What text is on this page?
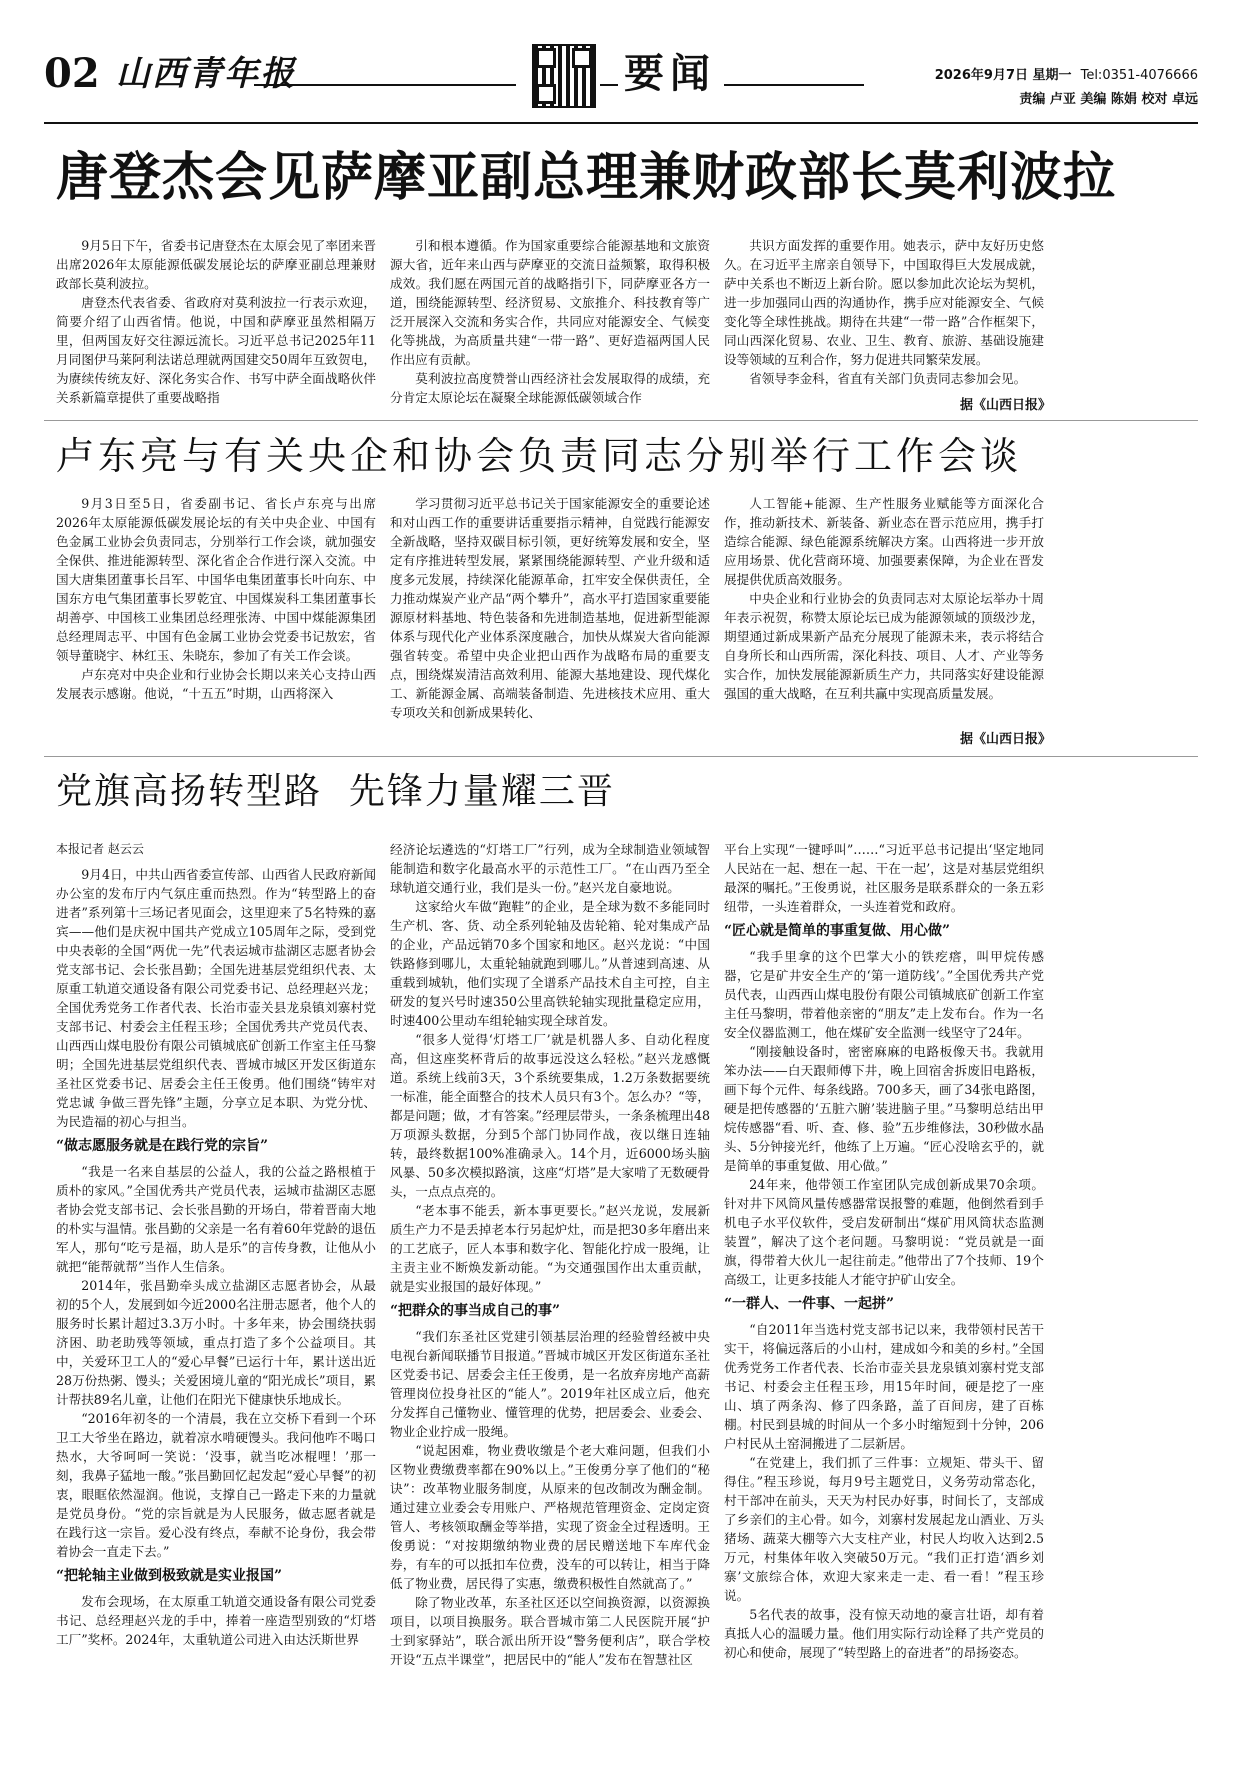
02 山西青年报	要闻	2026年9月7日 星期一 Tel:0351-4076666
责编 卢亚 美编 陈娟 校对 卓远
唐登杰会见萨摩亚副总理兼财政部长莫利波拉

9月5日下午，省委书记唐登杰在太原会见了率团来晋出席2026年太原能源低碳发展论坛的萨摩亚副总理兼财政部长莫利波拉。

唐登杰代表省委、省政府对莫利波拉一行表示欢迎，简要介绍了山西省情。他说，中国和萨摩亚虽然相隔万里，但两国友好交往源远流长。习近平总书记2025年11月同图伊马莱阿利法诺总理就两国建交50周年互致贺电，为赓续传统友好、深化务实合作、书写中萨全面战略伙伴关系新篇章提供了重要战略指

引和根本遵循。作为国家重要综合能源基地和文旅资源大省，近年来山西与萨摩亚的交流日益频繁，取得积极成效。我们愿在两国元首的战略指引下，同萨摩亚各方一道，围绕能源转型、经济贸易、文旅推介、科技教育等广泛开展深入交流和务实合作，共同应对能源安全、气候变化等挑战，为高质量共建“一带一路”、更好造福两国人民作出应有贡献。

莫利波拉高度赞誉山西经济社会发展取得的成绩，充分肯定太原论坛在凝聚全球能源低碳领域合作

共识方面发挥的重要作用。她表示，萨中友好历史悠久。在习近平主席亲自领导下，中国取得巨大发展成就，萨中关系也不断迈上新台阶。愿以参加此次论坛为契机，进一步加强同山西的沟通协作，携手应对能源安全、气候变化等全球性挑战。期待在共建“一带一路”合作框架下，同山西深化贸易、农业、卫生、教育、旅游、基础设施建设等领域的互利合作，努力促进共同繁荣发展。

省领导李金科，省直有关部门负责同志参加会见。

据《山西日报》
卢东亮与有关央企和协会负责同志分别举行工作会谈

9月3日至5日，省委副书记、省长卢东亮与出席2026年太原能源低碳发展论坛的有关中央企业、中国有色金属工业协会负责同志，分别举行工作会谈，就加强安全保供、推进能源转型、深化省企合作进行深入交流。中国大唐集团董事长吕军、中国华电集团董事长叶向东、中国东方电气集团董事长罗乾宜、中国煤炭科工集团董事长胡善亭、中国核工业集团总经理张涛、中国中煤能源集团总经理周志平、中国有色金属工业协会党委书记敖宏，省领导董晓宇、林红玉、朱晓东，参加了有关工作会谈。

卢东亮对中央企业和行业协会长期以来关心支持山西发展表示感谢。他说，“十五五”时期，山西将深入

学习贯彻习近平总书记关于国家能源安全的重要论述和对山西工作的重要讲话重要指示精神，自觉践行能源安全新战略，坚持双碳目标引领，更好统筹发展和安全，坚定有序推进转型发展，紧紧围绕能源转型、产业升级和适度多元发展，持续深化能源革命，扛牢安全保供责任，全力推动煤炭产业产品“两个攀升”，高水平打造国家重要能源原材料基地、特色装备和先进制造基地，促进新型能源体系与现代化产业体系深度融合，加快从煤炭大省向能源强省转变。希望中央企业把山西作为战略布局的重要支点，围绕煤炭清洁高效利用、能源大基地建设、现代煤化工、新能源金属、高端装备制造、先进核技术应用、重大专项攻关和创新成果转化、

人工智能+能源、生产性服务业赋能等方面深化合作，推动新技术、新装备、新业态在晋示范应用，携手打造综合能源、绿色能源系统解决方案。山西将进一步开放应用场景、优化营商环境、加强要素保障，为企业在晋发展提供优质高效服务。

中央企业和行业协会的负责同志对太原论坛举办十周年表示祝贺，称赞太原论坛已成为能源领域的顶级沙龙，期望通过新成果新产品充分展现了能源未来，表示将结合自身所长和山西所需，深化科技、项目、人才、产业等务实合作，加快发展能源新质生产力，共同落实好建设能源强国的重大战略，在互利共赢中实现高质量发展。

据《山西日报》
党旗高扬转型路  先锋力量耀三晋

本报记者 赵云云

9月4日，中共山西省委宣传部、山西省人民政府新闻办公室的发布厅内气氛庄重而热烈。作为“转型路上的奋进者”系列第十三场记者见面会，这里迎来了5名特殊的嘉宾——他们是庆祝中国共产党成立105周年之际，受到党中央表彰的全国“两优一先”代表运城市盐湖区志愿者协会党支部书记、会长张昌勤；全国先进基层党组织代表、太原重工轨道交通设备有限公司党委书记、总经理赵兴龙；全国优秀党务工作者代表、长治市壶关县龙泉镇刘寨村党支部书记、村委会主任程玉珍；全国优秀共产党员代表、山西西山煤电股份有限公司镇城底矿创新工作室主任马黎明；全国先进基层党组织代表、晋城市城区开发区街道东圣社区党委书记、居委会主任王俊勇。他们围绕“铸牢对党忠诚 争做三晋先锋”主题，分享立足本职、为党分忧、为民造福的初心与担当。

“做志愿服务就是在践行党的宗旨”

“我是一名来自基层的公益人，我的公益之路根植于质朴的家风。”全国优秀共产党员代表，运城市盐湖区志愿者协会党支部书记、会长张昌勤的开场白，带着晋南大地的朴实与温情。张昌勤的父亲是一名有着60年党龄的退伍军人，那句“吃亏是福，助人是乐”的言传身教，让他从小就把“能帮就帮”当作人生信条。

2014年，张昌勤牵头成立盐湖区志愿者协会，从最初的5个人，发展到如今近2000名注册志愿者，他个人的服务时长累计超过3.3万小时。十多年来，协会围绕扶弱济困、助老助残等领域，重点打造了多个公益项目。其中，关爱环卫工人的“爱心早餐”已运行十年，累计送出近28万份热粥、馒头；关爱困境儿童的“阳光成长”项目，累计帮扶89名儿童，让他们在阳光下健康快乐地成长。

“2016年初冬的一个清晨，我在立交桥下看到一个环卫工大爷坐在路边，就着凉水啃硬馒头。我问他咋不喝口热水，大爷呵呵一笑说：‘没事，就当吃冰棍哩！’那一刻，我鼻子猛地一酸。”张昌勤回忆起发起“爱心早餐”的初衷，眼眶依然湿润。他说，支撑自己一路走下来的力量就是党员身份。“党的宗旨就是为人民服务，做志愿者就是在践行这一宗旨。爱心没有终点，奉献不论身份，我会带着协会一直走下去。”

“把轮轴主业做到极致就是实业报国”

发布会现场，在太原重工轨道交通设备有限公司党委书记、总经理赵兴龙的手中，捧着一座造型别致的“灯塔工厂”奖杯。2024年，太重轨道公司进入由达沃斯世界

经济论坛遴选的“灯塔工厂”行列，成为全球制造业领域智能制造和数字化最高水平的示范性工厂。“在山西乃至全球轨道交通行业，我们是头一份。”赵兴龙自豪地说。

这家给火车做“跑鞋”的企业，是全球为数不多能同时生产机、客、货、动全系列轮轴及齿轮箱、轮对集成产品的企业，产品远销70多个国家和地区。赵兴龙说：“中国铁路修到哪儿，太重轮轴就跑到哪儿。”从普速到高速、从重载到城轨，他们实现了全谱系产品技术自主可控，自主研发的复兴号时速350公里高铁轮轴实现批量稳定应用，时速400公里动车组轮轴实现全球首发。

“很多人觉得‘灯塔工厂’就是机器人多、自动化程度高，但这座奖杯背后的故事远没这么轻松。”赵兴龙感慨道。系统上线前3天，3个系统要集成，1.2万条数据要统一标准，能全面整合的技术人员只有3个。怎么办？“等，都是问题；做，才有答案。”经理层带头，一条条梳理出48万项源头数据，分到5个部门协同作战，夜以继日连轴转，最终数据100%准确录入。14个月，近6000场头脑风暴、50多次模拟路演，这座“灯塔”是大家啃了无数硬骨头，一点点点亮的。

“老本事不能丢，新本事更要长。”赵兴龙说，发展新质生产力不是丢掉老本行另起炉灶，而是把30多年磨出来的工艺底子，匠人本事和数字化、智能化拧成一股绳，让主责主业不断焕发新动能。“为交通强国作出太重贡献，就是实业报国的最好体现。”

“把群众的事当成自己的事”

“我们东圣社区党建引领基层治理的经验曾经被中央电视台新闻联播节目报道。”晋城市城区开发区街道东圣社区党委书记、居委会主任王俊勇，是一名放弃房地产高薪管理岗位投身社区的“能人”。2019年社区成立后，他充分发挥自己懂物业、懂管理的优势，把居委会、业委会、物业企业拧成一股绳。

“说起困难，物业费收缴是个老大难问题，但我们小区物业费缴费率都在90%以上。”王俊勇分享了他们的“秘诀”：改革物业服务制度，从原来的包改制改为酬金制。通过建立业委会专用账户、严格规范管理资金、定岗定资管人、考核领取酬金等举措，实现了资金全过程透明。王俊勇说：“对按期缴纳物业费的居民赠送地下车库代金券，有车的可以抵扣车位费，没车的可以转让，相当于降低了物业费，居民得了实惠，缴费积极性自然就高了。”

除了物业改革，东圣社区还以空间换资源，以资源换项目，以项目换服务。联合晋城市第二人民医院开展“护士到家驿站”，联合派出所开设“警务便利店”，联合学校开设“五点半课堂”，把居民中的“能人”发布在智慧社区

平台上实现“一键呼叫”……“习近平总书记提出‘坚定地同人民站在一起、想在一起、干在一起’，这是对基层党组织最深的嘱托。”王俊勇说，社区服务是联系群众的一条五彩纽带，一头连着群众，一头连着党和政府。

“匠心就是简单的事重复做、用心做”

“我手里拿的这个巴掌大小的铁疙瘩，叫甲烷传感器，它是矿井安全生产的‘第一道防线’。”全国优秀共产党员代表，山西西山煤电股份有限公司镇城底矿创新工作室主任马黎明，带着他亲密的“朋友”走上发布台。作为一名安全仪器监测工，他在煤矿安全监测一线坚守了24年。

“刚接触设备时，密密麻麻的电路板像天书。我就用笨办法——白天跟师傅下井，晚上回宿舍拆废旧电路板，画下每个元件、每条线路。700多天，画了34张电路图，硬是把传感器的‘五脏六腑’装进脑子里。”马黎明总结出甲烷传感器“看、听、查、修、验”五步维修法，30秒做水晶头、5分钟接光纤，他练了上万遍。“匠心没啥玄乎的，就是简单的事重复做、用心做。”

24年来，他带领工作室团队完成创新成果70余项。针对井下风筒风量传感器常误报警的难题，他倒然看到手机电子水平仪软件，受启发研制出“煤矿用风筒状态监测装置”，解决了这个老问题。马黎明说：“党员就是一面旗，得带着大伙儿一起往前走。”他带出了7个技师、19个高级工，让更多技能人才能守护矿山安全。

“一群人、一件事、一起拼”

“自2011年当选村党支部书记以来，我带领村民苦干实干，将偏远落后的小山村，建成如今和美的乡村。”全国优秀党务工作者代表、长治市壶关县龙泉镇刘寨村党支部书记、村委会主任程玉珍，用15年时间，硬是挖了一座山、填了两条沟、修了四条路，盖了百间房，建了百栋棚。村民到县城的时间从一个多小时缩短到十分钟，206户村民从土窑洞搬进了二层新居。

“在党建上，我们抓了三件事：立规矩、带头干、留得住。”程玉珍说，每月9号主题党日，义务劳动常态化，村干部冲在前头，天天为村民办好事，时间长了，支部成了乡亲们的主心骨。如今，刘寨村发展起龙山酒业、万头猪场、蔬菜大棚等六大支柱产业，村民人均收入达到2.5万元，村集体年收入突破50万元。“我们正打造‘酒乡刘寨’文旅综合体，欢迎大家来走一走、看一看！”程玉珍说。

5名代表的故事，没有惊天动地的豪言壮语，却有着真抵人心的温暖力量。他们用实际行动诠释了共产党员的初心和使命，展现了“转型路上的奋进者”的昂扬姿态。
